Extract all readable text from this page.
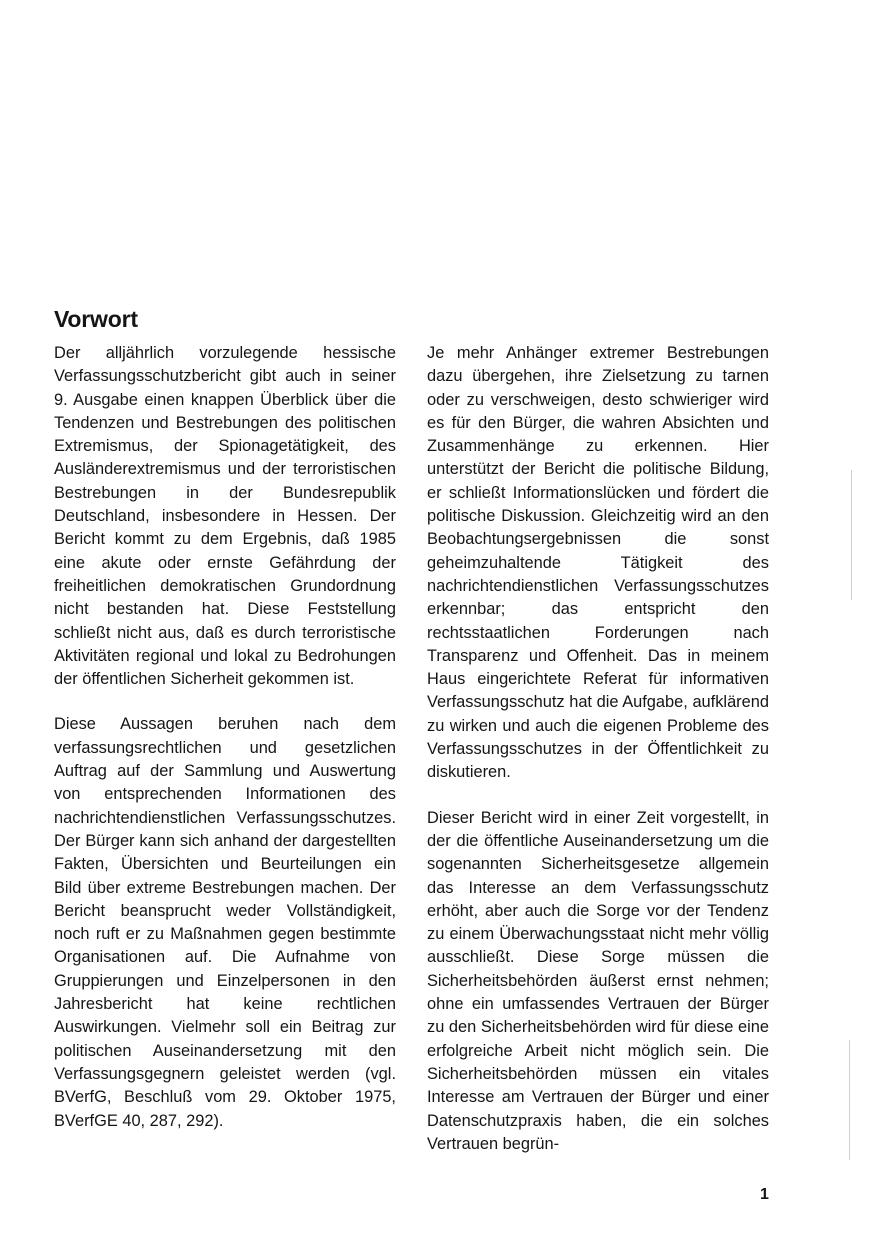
Vorwort

Der alljährlich vorzulegende hessische Verfassungsschutzbericht gibt auch in seiner 9. Ausgabe einen knappen Überblick über die Tendenzen und Bestrebungen des politischen Extremismus, der Spionagetätigkeit, des Ausländerextremismus und der terroristischen Bestrebungen in der Bundesrepublik Deutschland, insbesondere in Hessen. Der Bericht kommt zu dem Ergebnis, daß 1985 eine akute oder ernste Gefährdung der freiheitlichen demokratischen Grundordnung nicht bestanden hat. Diese Feststellung schließt nicht aus, daß es durch terroristische Aktivitäten regional und lokal zu Bedrohungen der öffentlichen Sicherheit gekommen ist.

Diese Aussagen beruhen nach dem verfassungsrechtlichen und gesetzlichen Auftrag auf der Sammlung und Auswertung von entsprechenden Informationen des nachrichtendienstlichen Verfassungsschutzes. Der Bürger kann sich anhand der dargestellten Fakten, Übersichten und Beurteilungen ein Bild über extreme Bestrebungen machen. Der Bericht beansprucht weder Vollständigkeit, noch ruft er zu Maßnahmen gegen bestimmte Organisationen auf. Die Aufnahme von Gruppierungen und Einzelpersonen in den Jahresbericht hat keine rechtlichen Auswirkungen. Vielmehr soll ein Beitrag zur politischen Auseinandersetzung mit den Verfassungsgegnern geleistet werden (vgl. BVerfG, Beschluß vom 29. Oktober 1975, BVerfGE 40, 287, 292).

Je mehr Anhänger extremer Bestrebungen dazu übergehen, ihre Zielsetzung zu tarnen oder zu verschweigen, desto schwieriger wird es für den Bürger, die wahren Absichten und Zusammenhänge zu erkennen. Hier unterstützt der Bericht die politische Bildung, er schließt Informationslücken und fördert die politische Diskussion. Gleichzeitig wird an den Beobachtungsergebnissen die sonst geheimzuhaltende Tätigkeit des nachrichtendienstlichen Verfassungsschutzes erkennbar; das entspricht den rechtsstaatlichen Forderungen nach Transparenz und Offenheit. Das in meinem Haus eingerichtete Referat für informativen Verfassungsschutz hat die Aufgabe, aufklärend zu wirken und auch die eigenen Probleme des Verfassungsschutzes in der Öffentlichkeit zu diskutieren.

Dieser Bericht wird in einer Zeit vorgestellt, in der die öffentliche Auseinandersetzung um die sogenannten Sicherheitsgesetze allgemein das Interesse an dem Verfassungsschutz erhöht, aber auch die Sorge vor der Tendenz zu einem Überwachungsstaat nicht mehr völlig ausschließt. Diese Sorge müssen die Sicherheitsbehörden äußerst ernst nehmen; ohne ein umfassendes Vertrauen der Bürger zu den Sicherheitsbehörden wird für diese eine erfolgreiche Arbeit nicht möglich sein. Die Sicherheitsbehörden müssen ein vitales Interesse am Vertrauen der Bürger und einer Datenschutzpraxis haben, die ein solches Vertrauen begrün-

1
